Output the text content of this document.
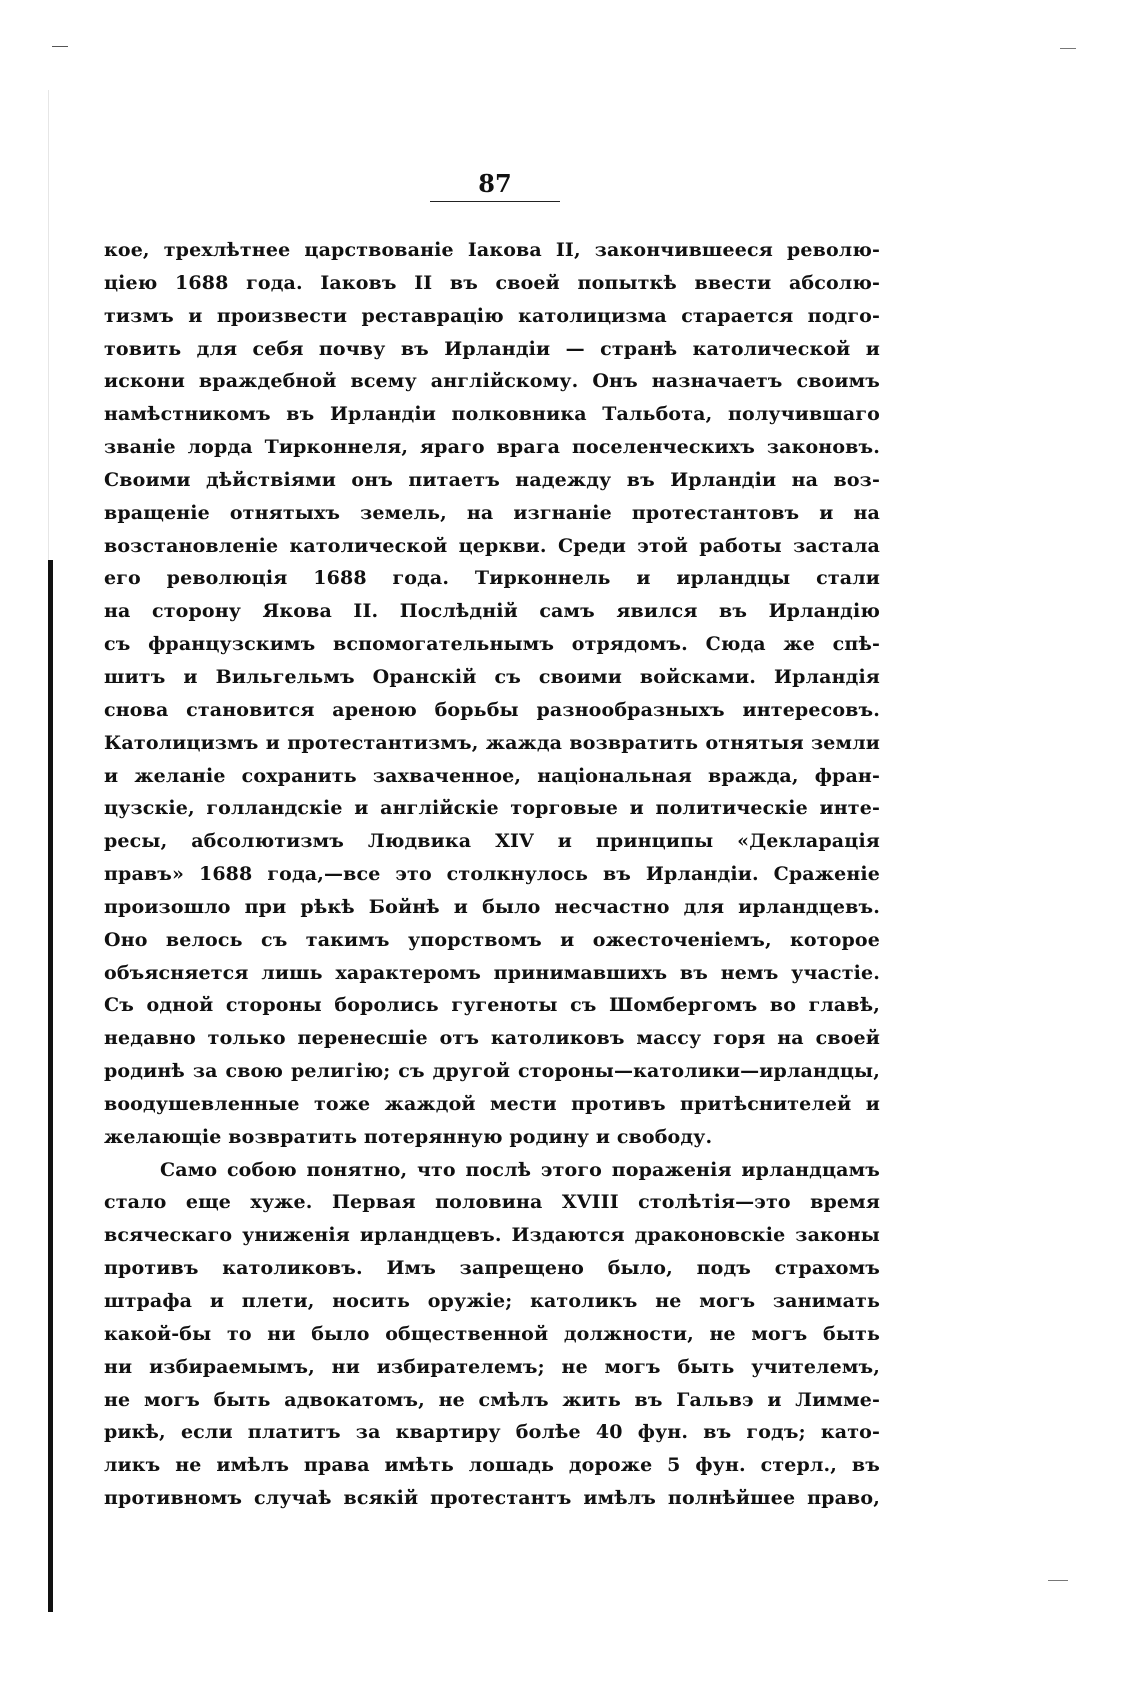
87
кое, трехлѣтнее царствованіе Іакова II, закончившееся револю-
ціею 1688 года. Іаковъ II въ своей попыткѣ ввести абсолю-
тизмъ и произвести реставрацію католицизма старается подго-
товить для себя почву въ Ирландіи — странѣ католической и
искони враждебной всему англійскому. Онъ назначаетъ своимъ
намѣстникомъ въ Ирландіи полковника Тальбота, получившаго
званіе лорда Тирконнеля, яраго врага поселенческихъ законовъ.
Своими дѣйствіями онъ питаетъ надежду въ Ирландіи на воз-
вращеніе отнятыхъ земель, на изгнаніе протестантовъ и на
возстановленіе католической церкви. Среди этой работы застала
его революція 1688 года. Тирконнель и ирландцы стали
на сторону Якова II. Послѣдній самъ явился въ Ирландію
съ французскимъ вспомогательнымъ отрядомъ. Сюда же спѣ-
шитъ и Вильгельмъ Оранскій съ своими войсками. Ирландія
снова становится ареною борьбы разнообразныхъ интересовъ.
Католицизмъ и протестантизмъ, жажда возвратить отнятыя земли
и желаніе сохранить захваченное, національная вражда, фран-
цузскіе, голландскіе и англійскіе торговые и политическіе инте-
ресы, абсолютизмъ Людвика XIV и принципы «Декларація
правъ» 1688 года,—все это столкнулось въ Ирландіи. Сраженіе
произошло при рѣкѣ Бойнѣ и было несчастно для ирландцевъ.
Оно велось съ такимъ упорствомъ и ожесточеніемъ, которое
объясняется лишь характеромъ принимавшихъ въ немъ участіе.
Съ одной стороны боролись гугеноты съ Шомбергомъ во главѣ,
недавно только перенесшіе отъ католиковъ массу горя на своей
родинѣ за свою религію; съ другой стороны—католики—ирландцы,
воодушевленные тоже жаждой мести противъ притѣснителей и
желающіе возвратить потерянную родину и свободу.
Само собою понятно, что послѣ этого пораженія ирландцамъ
стало еще хуже. Первая половина XVIII столѣтія—это время
всяческаго униженія ирландцевъ. Издаются драконовскіе законы
противъ католиковъ. Имъ запрещено было, подъ страхомъ
штрафа и плети, носить оружіе; католикъ не могъ занимать
какой-бы то ни было общественной должности, не могъ быть
ни избираемымъ, ни избирателемъ; не могъ быть учителемъ,
не могъ быть адвокатомъ, не смѣлъ жить въ Гальвэ и Лимме-
рикѣ, если платитъ за квартиру болѣе 40 фун. въ годъ; като-
ликъ не имѣлъ права имѣть лошадь дороже 5 фун. стерл., въ
противномъ случаѣ всякій протестантъ имѣлъ полнѣйшее право,
